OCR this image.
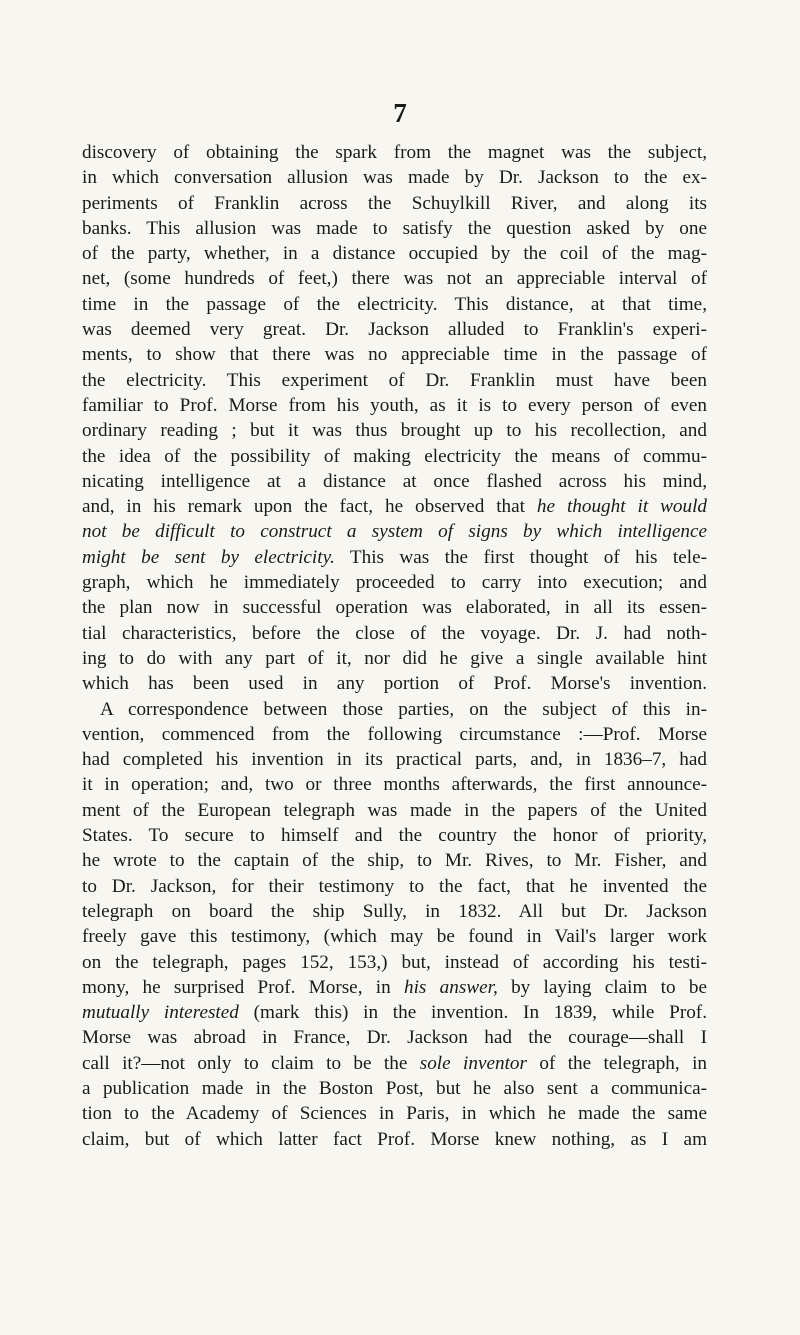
7
discovery of obtaining the spark from the magnet was the subject,
in which conversation allusion was made by Dr. Jackson to the ex-
periments of Franklin across the Schuylkill River, and along its
banks. This allusion was made to satisfy the question asked by one
of the party, whether, in a distance occupied by the coil of the mag-
net, (some hundreds of feet,) there was not an appreciable interval of
time in the passage of the electricity. This distance, at that time,
was deemed very great. Dr. Jackson alluded to Franklin's experi-
ments, to show that there was no appreciable time in the passage of
the electricity. This experiment of Dr. Franklin must have been
familiar to Prof. Morse from his youth, as it is to every person of even
ordinary reading ; but it was thus brought up to his recollection, and
the idea of the possibility of making electricity the means of commu-
nicating intelligence at a distance at once flashed across his mind,
and, in his remark upon the fact, he observed that he thought it would
not be difficult to construct a system of signs by which intelligence
might be sent by electricity. This was the first thought of his tele-
graph, which he immediately proceeded to carry into execution; and
the plan now in successful operation was elaborated, in all its essen-
tial characteristics, before the close of the voyage. Dr. J. had noth-
ing to do with any part of it, nor did he give a single available hint
which has been used in any portion of Prof. Morse's invention.
A correspondence between those parties, on the subject of this in-
vention, commenced from the following circumstance :—Prof. Morse
had completed his invention in its practical parts, and, in 1836–7, had
it in operation; and, two or three months afterwards, the first announce-
ment of the European telegraph was made in the papers of the United
States. To secure to himself and the country the honor of priority,
he wrote to the captain of the ship, to Mr. Rives, to Mr. Fisher, and
to Dr. Jackson, for their testimony to the fact, that he invented the
telegraph on board the ship Sully, in 1832. All but Dr. Jackson
freely gave this testimony, (which may be found in Vail's larger work
on the telegraph, pages 152, 153,) but, instead of according his testi-
mony, he surprised Prof. Morse, in his answer, by laying claim to be
mutually interested (mark this) in the invention. In 1839, while Prof.
Morse was abroad in France, Dr. Jackson had the courage—shall I
call it?—not only to claim to be the sole inventor of the telegraph, in
a publication made in the Boston Post, but he also sent a communica-
tion to the Academy of Sciences in Paris, in which he made the same
claim, but of which latter fact Prof. Morse knew nothing, as I am
